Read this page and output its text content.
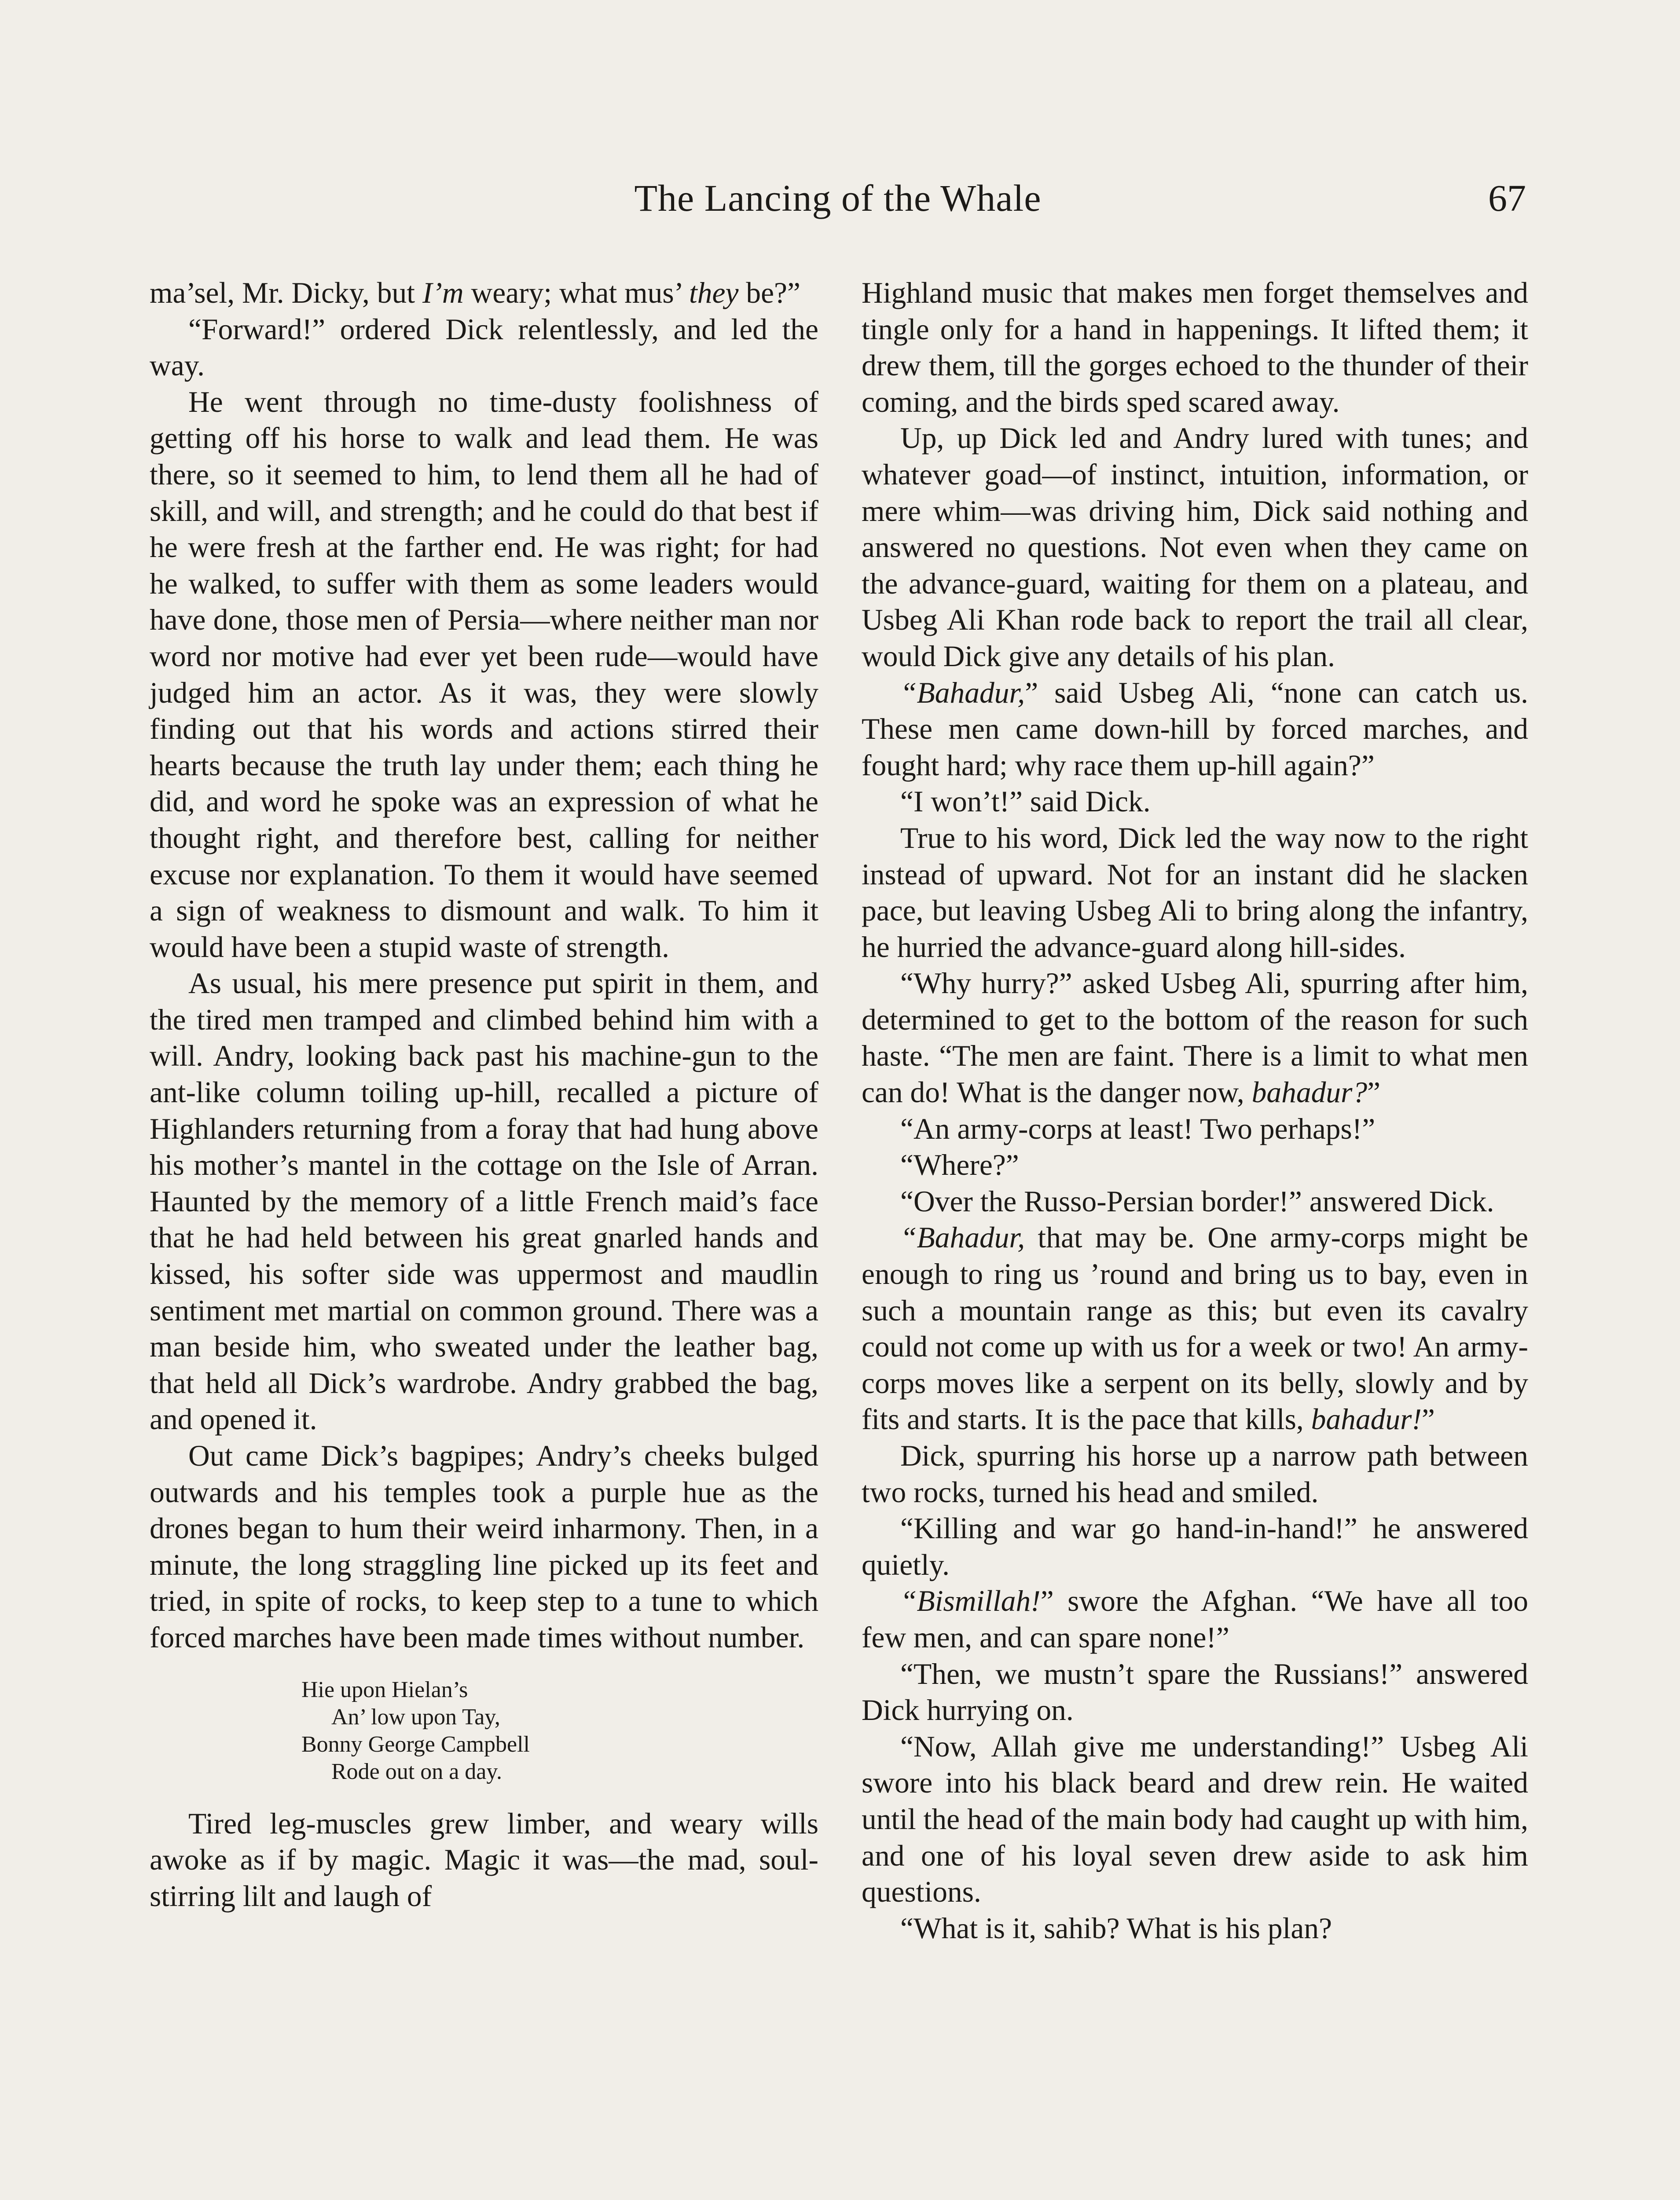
The Lancing of the Whale	67

ma’sel, Mr. Dicky, but I’m weary; what mus’ they be?”

“Forward!” ordered Dick relentlessly, and led the way.

He went through no time-dusty foolishness of getting off his horse to walk and lead them. He was there, so it seemed to him, to lend them all he had of skill, and will, and strength; and he could do that best if he were fresh at the farther end. He was right; for had he walked, to suffer with them as some leaders would have done, those men of Persia—where neither man nor word nor motive had ever yet been rude—would have judged him an actor. As it was, they were slowly finding out that his words and actions stirred their hearts because the truth lay under them; each thing he did, and word he spoke was an expression of what he thought right, and therefore best, calling for neither excuse nor explanation. To them it would have seemed a sign of weakness to dismount and walk. To him it would have been a stupid waste of strength.

As usual, his mere presence put spirit in them, and the tired men tramped and climbed behind him with a will. Andry, looking back past his machine-gun to the ant-like column toiling up-hill, recalled a picture of Highlanders returning from a foray that had hung above his mother’s mantel in the cottage on the Isle of Arran. Haunted by the memory of a little French maid’s face that he had held between his great gnarled hands and kissed, his softer side was uppermost and maudlin sentiment met martial on common ground. There was a man beside him, who sweated under the leather bag, that held all Dick’s wardrobe. Andry grabbed the bag, and opened it.

Out came Dick’s bagpipes; Andry’s cheeks bulged outwards and his temples took a purple hue as the drones began to hum their weird inharmony. Then, in a minute, the long straggling line picked up its feet and tried, in spite of rocks, to keep step to a tune to which forced marches have been made times without number.

Hie upon Hielan’s
An’ low upon Tay,
Bonny George Campbell
Rode out on a day.

Tired leg-muscles grew limber, and weary wills awoke as if by magic. Magic it was—the mad, soul-stirring lilt and laugh of

Highland music that makes men forget themselves and tingle only for a hand in happenings. It lifted them; it drew them, till the gorges echoed to the thunder of their coming, and the birds sped scared away.

Up, up Dick led and Andry lured with tunes; and whatever goad—of instinct, intuition, information, or mere whim—was driving him, Dick said nothing and answered no questions. Not even when they came on the advance-guard, waiting for them on a plateau, and Usbeg Ali Khan rode back to report the trail all clear, would Dick give any details of his plan.

“Bahadur,” said Usbeg Ali, “none can catch us. These men came down-hill by forced marches, and fought hard; why race them up-hill again?”

“I won’t!” said Dick.

True to his word, Dick led the way now to the right instead of upward. Not for an instant did he slacken pace, but leaving Usbeg Ali to bring along the infantry, he hurried the advance-guard along hill-sides.

“Why hurry?” asked Usbeg Ali, spurring after him, determined to get to the bottom of the reason for such haste. “The men are faint. There is a limit to what men can do! What is the danger now, bahadur?”

“An army-corps at least! Two perhaps!”

“Where?”

“Over the Russo-Persian border!” answered Dick.

“Bahadur, that may be. One army-corps might be enough to ring us ’round and bring us to bay, even in such a mountain range as this; but even its cavalry could not come up with us for a week or two! An army-corps moves like a serpent on its belly, slowly and by fits and starts. It is the pace that kills, bahadur!”

Dick, spurring his horse up a narrow path between two rocks, turned his head and smiled.

“Killing and war go hand-in-hand!” he answered quietly.

“Bismillah!” swore the Afghan. “We have all too few men, and can spare none!”

“Then, we mustn’t spare the Russians!” answered Dick hurrying on.

“Now, Allah give me understanding!” Usbeg Ali swore into his black beard and drew rein. He waited until the head of the main body had caught up with him, and one of his loyal seven drew aside to ask him questions.

“What is it, sahib? What is his plan?
